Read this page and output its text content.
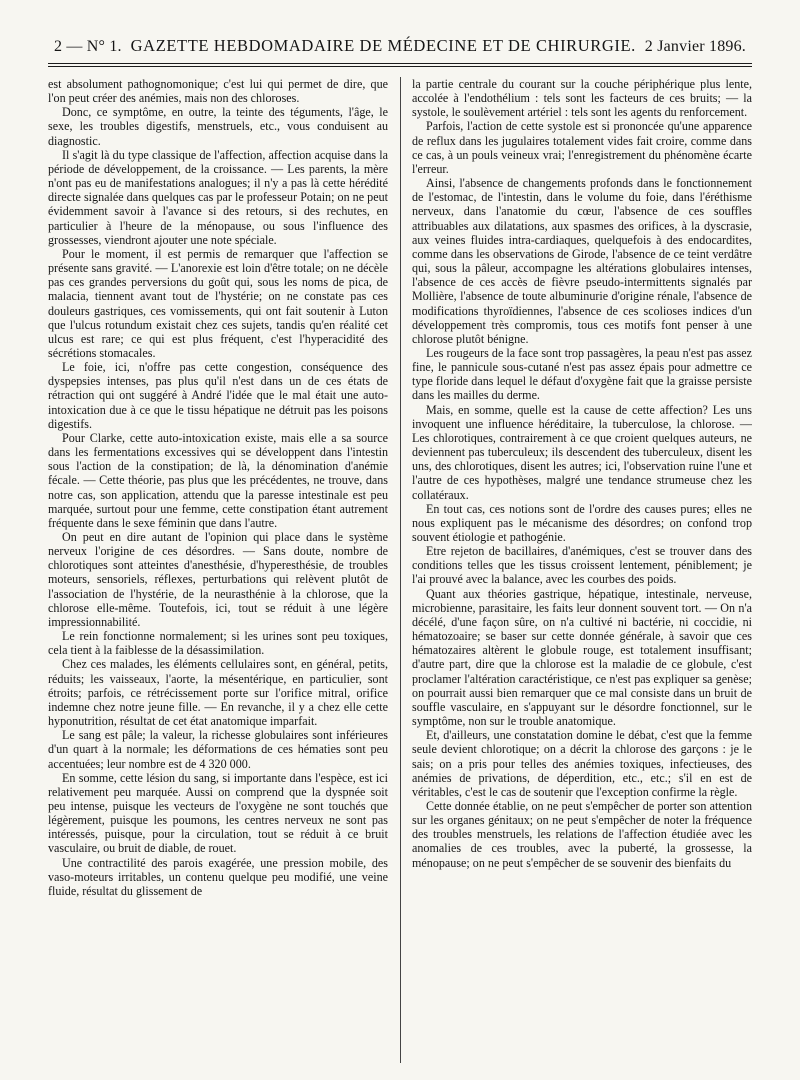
2 — N° 1. GAZETTE HEBDOMADAIRE DE MÉDECINE ET DE CHIRURGIE. 2 Janvier 1896.

est absolument pathognomonique; c'est lui qui permet de dire, que l'on peut créer des anémies, mais non des chloroses.

Donc, ce symptôme, en outre, la teinte des téguments, l'âge, le sexe, les troubles digestifs, menstruels, etc., vous conduisent au diagnostic.

Il s'agit là du type classique de l'affection, affection acquise dans la période de développement, de la croissance. — Les parents, la mère n'ont pas eu de manifestations analogues; il n'y a pas là cette hérédité directe signalée dans quelques cas par le professeur Potain; on ne peut évidemment savoir à l'avance si des retours, si des rechutes, en particulier à l'heure de la ménopause, ou sous l'influence des grossesses, viendront ajouter une note spéciale.

Pour le moment, il est permis de remarquer que l'affection se présente sans gravité. — L'anorexie est loin d'être totale; on ne décèle pas ces grandes perversions du goût qui, sous les noms de pica, de malacia, tiennent avant tout de l'hystérie; on ne constate pas ces douleurs gastriques, ces vomissements, qui ont fait soutenir à Luton que l'ulcus rotundum existait chez ces sujets, tandis qu'en réalité cet ulcus est rare; ce qui est plus fréquent, c'est l'hyperacidité des sécrétions stomacales.

Le foie, ici, n'offre pas cette congestion, conséquence des dyspepsies intenses, pas plus qu'il n'est dans un de ces états de rétraction qui ont suggéré à André l'idée que le mal était une auto-intoxication due à ce que le tissu hépatique ne détruit pas les poisons digestifs.

Pour Clarke, cette auto-intoxication existe, mais elle a sa source dans les fermentations excessives qui se développent dans l'intestin sous l'action de la constipation; de là, la dénomination d'anémie fécale. — Cette théorie, pas plus que les précédentes, ne trouve, dans notre cas, son application, attendu que la paresse intestinale est peu marquée, surtout pour une femme, cette constipation étant autrement fréquente dans le sexe féminin que dans l'autre.

On peut en dire autant de l'opinion qui place dans le système nerveux l'origine de ces désordres. — Sans doute, nombre de chlorotiques sont atteintes d'anesthésie, d'hyperesthésie, de troubles moteurs, sensoriels, réflexes, perturbations qui relèvent plutôt de l'association de l'hystérie, de la neurasthénie à la chlorose, que la chlorose elle-même. Toutefois, ici, tout se réduit à une légère impressionnabilité.

Le rein fonctionne normalement; si les urines sont peu toxiques, cela tient à la faiblesse de la désassimilation.

Chez ces malades, les éléments cellulaires sont, en général, petits, réduits; les vaisseaux, l'aorte, la mésentérique, en particulier, sont étroits; parfois, ce rétrécissement porte sur l'orifice mitral, orifice indemne chez notre jeune fille. — En revanche, il y a chez elle cette hyponutrition, résultat de cet état anatomique imparfait.

Le sang est pâle; la valeur, la richesse globulaires sont inférieures d'un quart à la normale; les déformations de ces hématies sont peu accentuées; leur nombre est de 4 320 000.

En somme, cette lésion du sang, si importante dans l'espèce, est ici relativement peu marquée. Aussi on comprend que la dyspnée soit peu intense, puisque les vecteurs de l'oxygène ne sont touchés que légèrement, puisque les poumons, les centres nerveux ne sont pas intéressés, puisque, pour la circulation, tout se réduit à ce bruit vasculaire, ou bruit de diable, de rouet.

Une contractilité des parois exagérée, une pression mobile, des vaso-moteurs irritables, un contenu quelque peu modifié, une veine fluide, résultat du glissement de

la partie centrale du courant sur la couche périphérique plus lente, accolée à l'endothélium : tels sont les facteurs de ces bruits; — la systole, le soulèvement artériel : tels sont les agents du renforcement.

Parfois, l'action de cette systole est si prononcée qu'une apparence de reflux dans les jugulaires totalement vides fait croire, comme dans ce cas, à un pouls veineux vrai; l'enregistrement du phénomène écarte l'erreur.

Ainsi, l'absence de changements profonds dans le fonctionnement de l'estomac, de l'intestin, dans le volume du foie, dans l'éréthisme nerveux, dans l'anatomie du cœur, l'absence de ces souffles attribuables aux dilatations, aux spasmes des orifices, à la dyscrasie, aux veines fluides intra-cardiaques, quelquefois à des endocardites, comme dans les observations de Girode, l'absence de ce teint verdâtre qui, sous la pâleur, accompagne les altérations globulaires intenses, l'absence de ces accès de fièvre pseudo-intermittents signalés par Mollière, l'absence de toute albuminurie d'origine rénale, l'absence de modifications thyroïdiennes, l'absence de ces scolioses indices d'un développement très compromis, tous ces motifs font penser à une chlorose plutôt bénigne.

Les rougeurs de la face sont trop passagères, la peau n'est pas assez fine, le pannicule sous-cutané n'est pas assez épais pour admettre ce type floride dans lequel le défaut d'oxygène fait que la graisse persiste dans les mailles du derme.

Mais, en somme, quelle est la cause de cette affection? Les uns invoquent une influence héréditaire, la tuberculose, la chlorose. — Les chlorotiques, contrairement à ce que croient quelques auteurs, ne deviennent pas tuberculeux; ils descendent des tuberculeux, disent les uns, des chlorotiques, disent les autres; ici, l'observation ruine l'une et l'autre de ces hypothèses, malgré une tendance strumeuse chez les collatéraux.

En tout cas, ces notions sont de l'ordre des causes pures; elles ne nous expliquent pas le mécanisme des désordres; on confond trop souvent étiologie et pathogénie.

Etre rejeton de bacillaires, d'anémiques, c'est se trouver dans des conditions telles que les tissus croissent lentement, péniblement; je l'ai prouvé avec la balance, avec les courbes des poids.

Quant aux théories gastrique, hépatique, intestinale, nerveuse, microbienne, parasitaire, les faits leur donnent souvent tort. — On n'a décélé, d'une façon sûre, on n'a cultivé ni bactérie, ni coccidie, ni hématozoaire; se baser sur cette donnée générale, à savoir que ces hématozaires altèrent le globule rouge, est totalement insuffisant; d'autre part, dire que la chlorose est la maladie de ce globule, c'est proclamer l'altération caractéristique, ce n'est pas expliquer sa genèse; on pourrait aussi bien remarquer que ce mal consiste dans un bruit de souffle vasculaire, en s'appuyant sur le désordre fonctionnel, sur le symptôme, non sur le trouble anatomique.

Et, d'ailleurs, une constatation domine le débat, c'est que la femme seule devient chlorotique; on a décrit la chlorose des garçons : je le sais; on a pris pour telles des anémies toxiques, infectieuses, des anémies de privations, de déperdition, etc., etc.; s'il en est de véritables, c'est le cas de soutenir que l'exception confirme la règle.

Cette donnée établie, on ne peut s'empêcher de porter son attention sur les organes génitaux; on ne peut s'empêcher de noter la fréquence des troubles menstruels, les relations de l'affection étudiée avec les anomalies de ces troubles, avec la puberté, la grossesse, la ménopause; on ne peut s'empêcher de se souvenir des bienfaits du
